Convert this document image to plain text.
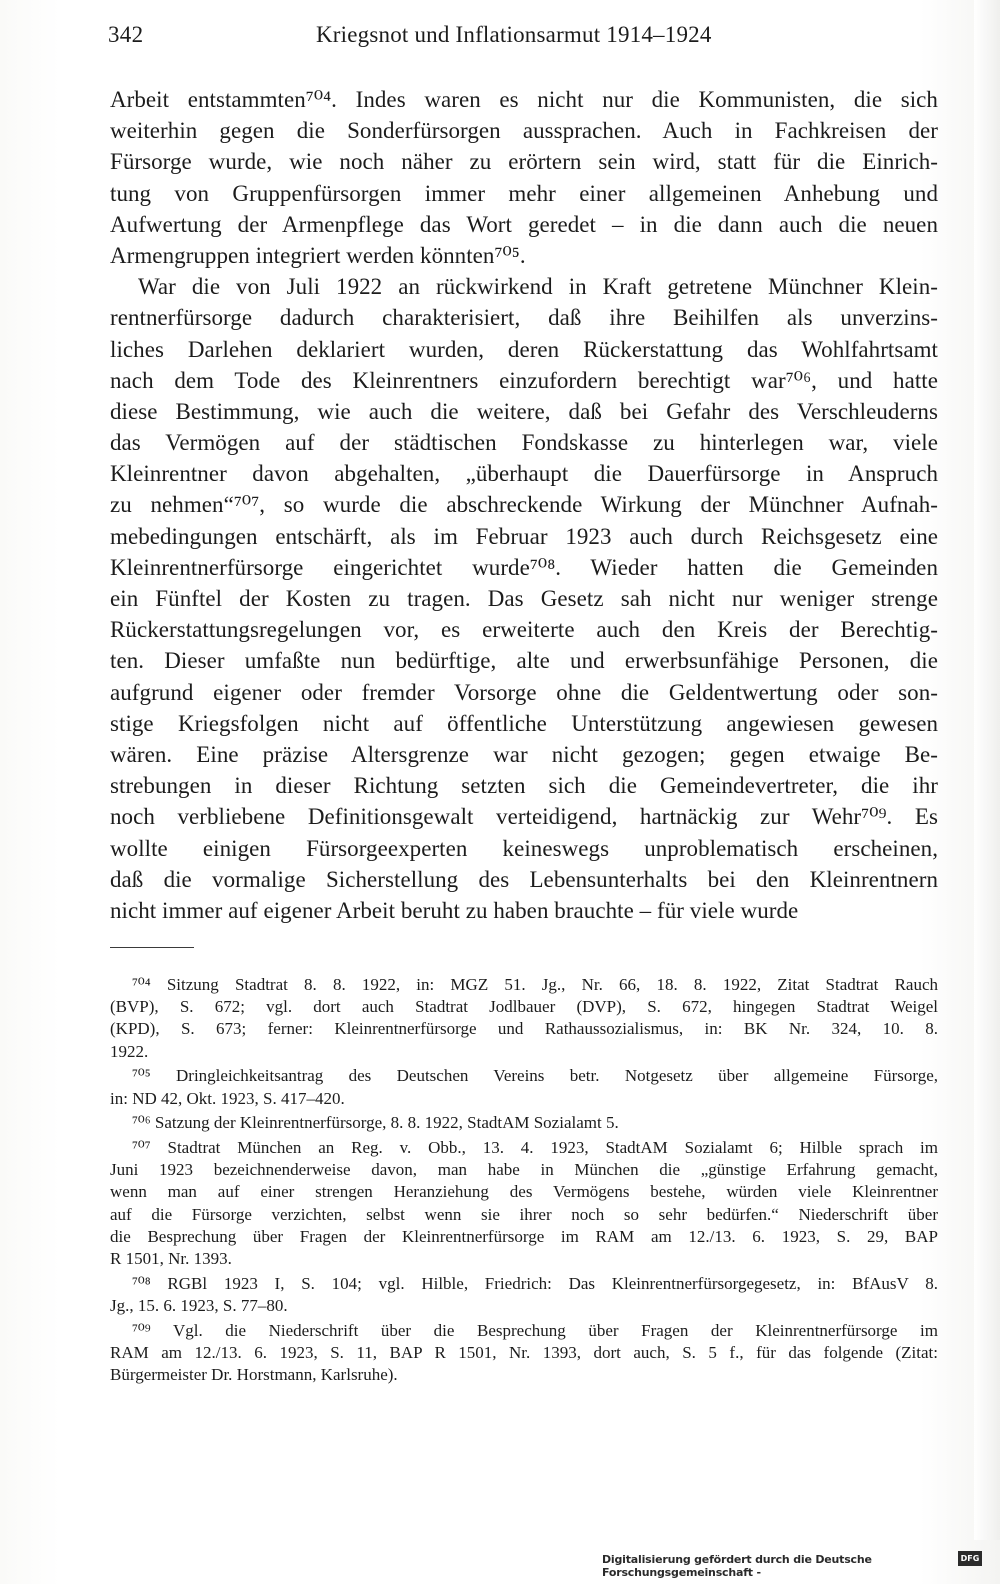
342	Kriegsnot und Inflationsarmut 1914–1924
Arbeit entstammten⁷⁰⁴. Indes waren es nicht nur die Kommunisten, die sich
weiterhin gegen die Sonderfürsorgen aussprachen. Auch in Fachkreisen der
Fürsorge wurde, wie noch näher zu erörtern sein wird, statt für die Einrich-
tung von Gruppenfürsorgen immer mehr einer allgemeinen Anhebung und
Aufwertung der Armenpflege das Wort geredet – in die dann auch die neuen
Armengruppen integriert werden könnten⁷⁰⁵.
War die von Juli 1922 an rückwirkend in Kraft getretene Münchner Klein-
rentnerfürsorge dadurch charakterisiert, daß ihre Beihilfen als unverzins-
liches Darlehen deklariert wurden, deren Rückerstattung das Wohlfahrtsamt
nach dem Tode des Kleinrentners einzufordern berechtigt war⁷⁰⁶, und hatte
diese Bestimmung, wie auch die weitere, daß bei Gefahr des Verschleuderns
das Vermögen auf der städtischen Fondskasse zu hinterlegen war, viele
Kleinrentner davon abgehalten, „überhaupt die Dauerfürsorge in Anspruch
zu nehmen“⁷⁰⁷, so wurde die abschreckende Wirkung der Münchner Aufnah-
mebedingungen entschärft, als im Februar 1923 auch durch Reichsgesetz eine
Kleinrentnerfürsorge eingerichtet wurde⁷⁰⁸. Wieder hatten die Gemeinden
ein Fünftel der Kosten zu tragen. Das Gesetz sah nicht nur weniger strenge
Rückerstattungsregelungen vor, es erweiterte auch den Kreis der Berechtig-
ten. Dieser umfaßte nun bedürftige, alte und erwerbsunfähige Personen, die
aufgrund eigener oder fremder Vorsorge ohne die Geldentwertung oder son-
stige Kriegsfolgen nicht auf öffentliche Unterstützung angewiesen gewesen
wären. Eine präzise Altersgrenze war nicht gezogen; gegen etwaige Be-
strebungen in dieser Richtung setzten sich die Gemeindevertreter, die ihr
noch verbliebene Definitionsgewalt verteidigend, hartnäckig zur Wehr⁷⁰⁹. Es
wollte einigen Fürsorgeexperten keineswegs unproblematisch erscheinen,
daß die vormalige Sicherstellung des Lebensunterhalts bei den Kleinrentnern
nicht immer auf eigener Arbeit beruht zu haben brauchte – für viele wurde
⁷⁰⁴ Sitzung Stadtrat 8. 8. 1922, in: MGZ 51. Jg., Nr. 66, 18. 8. 1922, Zitat Stadtrat Rauch
(BVP), S. 672; vgl. dort auch Stadtrat Jodlbauer (DVP), S. 672, hingegen Stadtrat Weigel
(KPD), S. 673; ferner: Kleinrentnerfürsorge und Rathaussozialismus, in: BK Nr. 324, 10. 8.
1922.
⁷⁰⁵ Dringleichkeitsantrag des Deutschen Vereins betr. Notgesetz über allgemeine Fürsorge,
in: ND 42, Okt. 1923, S. 417–420.
⁷⁰⁶ Satzung der Kleinrentnerfürsorge, 8. 8. 1922, StadtAM Sozialamt 5.
⁷⁰⁷ Stadtrat München an Reg. v. Obb., 13. 4. 1923, StadtAM Sozialamt 6; Hilble sprach im
Juni 1923 bezeichnenderweise davon, man habe in München die „günstige Erfahrung gemacht,
wenn man auf einer strengen Heranziehung des Vermögens bestehe, würden viele Kleinrentner
auf die Fürsorge verzichten, selbst wenn sie ihrer noch so sehr bedürfen.“ Niederschrift über
die Besprechung über Fragen der Kleinrentnerfürsorge im RAM am 12./13. 6. 1923, S. 29, BAP
R 1501, Nr. 1393.
⁷⁰⁸ RGBl 1923 I, S. 104; vgl. Hilble, Friedrich: Das Kleinrentnerfürsorgegesetz, in: BfAusV 8.
Jg., 15. 6. 1923, S. 77–80.
⁷⁰⁹ Vgl. die Niederschrift über die Besprechung über Fragen der Kleinrentnerfürsorge im
RAM am 12./13. 6. 1923, S. 11, BAP R 1501, Nr. 1393, dort auch, S. 5 f., für das folgende (Zitat:
Bürgermeister Dr. Horstmann, Karlsruhe).
Digitalisierung gefördert durch die Deutsche Forschungsgemeinschaft -
DFG
